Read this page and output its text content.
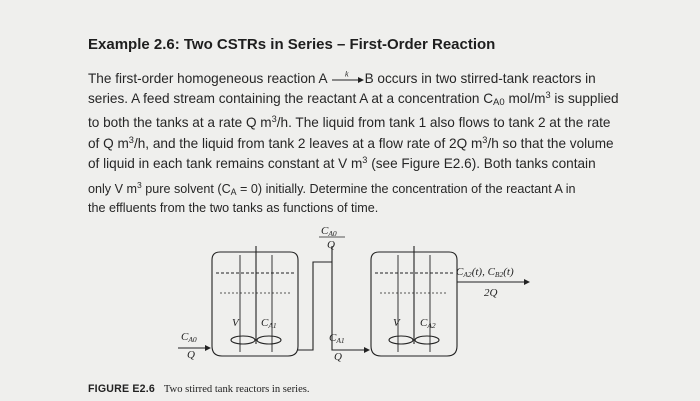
Example 2.6: Two CSTRs in Series – First-Order Reaction
The first-order homogeneous reaction A k B occurs in two stirred-tank reactors in
series. A feed stream containing the reactant A at a concentration $C_{A0}$ mol/$m^3$ is supplied
to both the tanks at a rate Q $m^3/h$. The liquid from tank 1 also flows to tank 2 at the rate
of Q $m^3/h$, and the liquid from tank 2 leaves at a flow rate of 2Q $m^3/h$ so that the volume
of liquid in each tank remains constant at V $m^3$ (see Figure E2.6). Both tanks contain
only V $m^3$ pure solvent $(C_A = 0)$ initially. Determine the concentration of the reactant A in
the effluents from the two tanks as functions of time.
CA0
Q
CA0
Q
V CA1
CA1
Q
V CA2
CA2(t), CB2(t)
2Q
FIGURE E2.6 Two stirred tank reactors in series.
